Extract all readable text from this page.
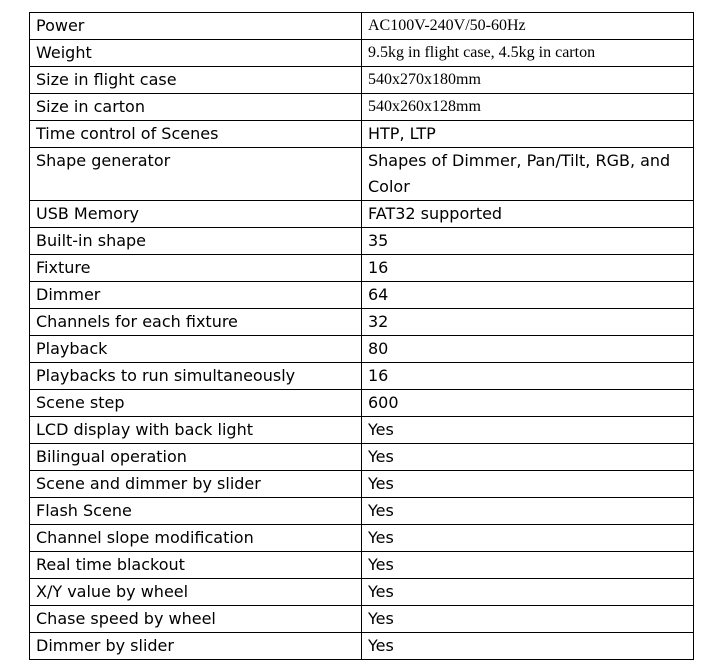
Power	AC100V-240V/50-60Hz
Weight	9.5kg in flight case, 4.5kg in carton
Size in flight case	540x270x180mm
Size in carton	540x260x128mm
Time control of Scenes	HTP, LTP
Shape generator	Shapes of Dimmer, Pan/Tilt, RGB, and Color
USB Memory	FAT32 supported
Built-in shape	35
Fixture	16
Dimmer	64
Channels for each fixture	32
Playback	80
Playbacks to run simultaneously	16
Scene step	600
LCD display with back light	Yes
Bilingual operation	Yes
Scene and dimmer by slider	Yes
Flash Scene	Yes
Channel slope modification	Yes
Real time blackout	Yes
X/Y value by wheel	Yes
Chase speed by wheel	Yes
Dimmer by slider	Yes
